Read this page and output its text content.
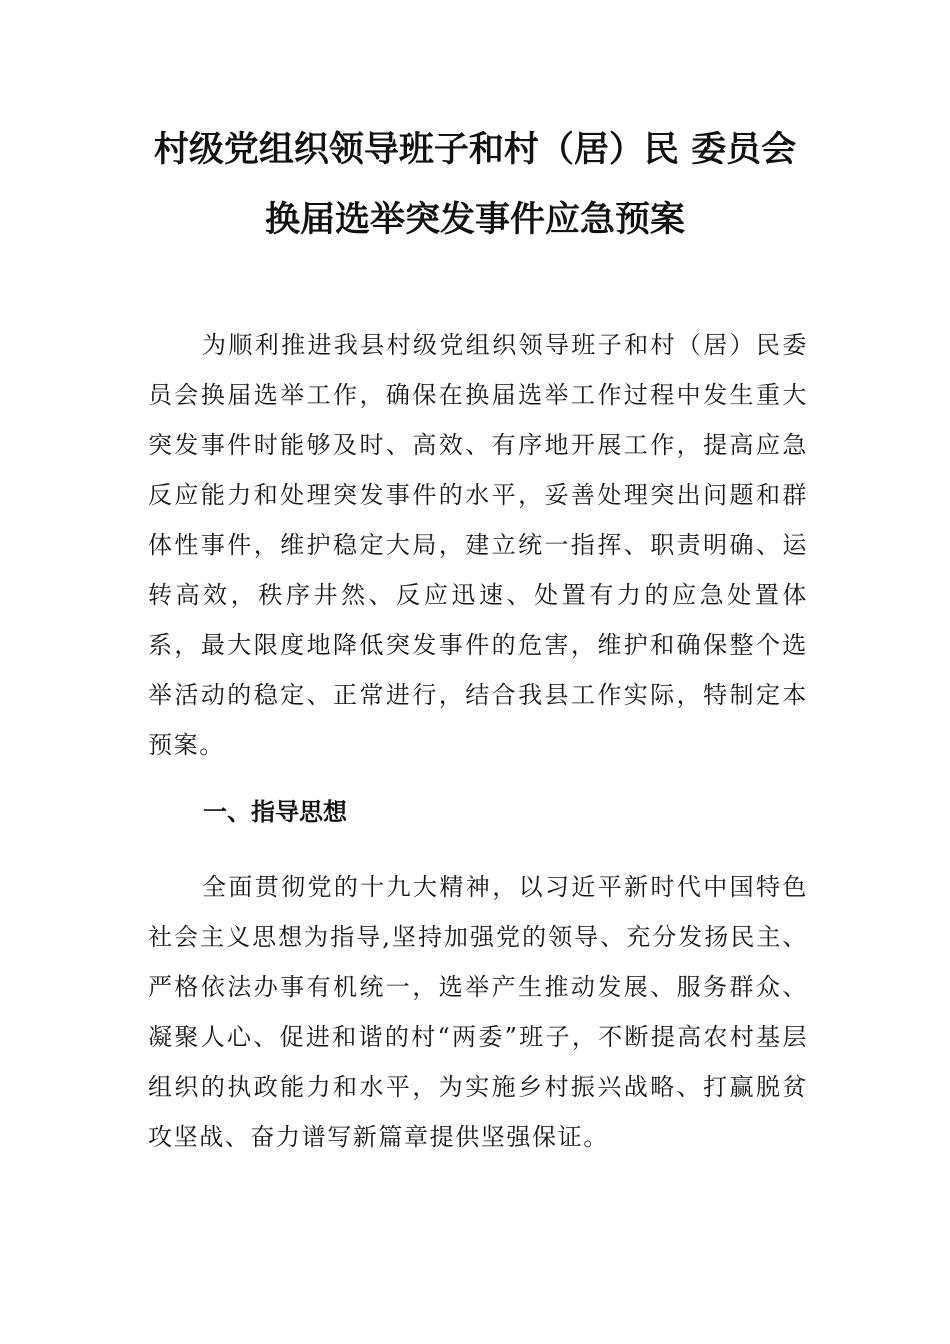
村级党组织领导班子和村（居）民 委员会
换届选举突发事件应急预案

为顺利推进我县村级党组织领导班子和村（居）民委员会换届选举工作，确保在换届选举工作过程中发生重大突发事件时能够及时、高效、有序地开展工作，提高应急反应能力和处理突发事件的水平，妥善处理突出问题和群体性事件，维护稳定大局，建立统一指挥、职责明确、运转高效，秩序井然、反应迅速、处置有力的应急处置体系，最大限度地降低突发事件的危害，维护和确保整个选举活动的稳定、正常进行，结合我县工作实际，特制定本预案。

一、指导思想

全面贯彻党的十九大精神，以习近平新时代中国特色社会主义思想为指导,坚持加强党的领导、充分发扬民主、严格依法办事有机统一，选举产生推动发展、服务群众、凝聚人心、促进和谐的村“两委”班子，不断提高农村基层组织的执政能力和水平，为实施乡村振兴战略、打赢脱贫攻坚战、奋力谱写新篇章提供坚强保证。
